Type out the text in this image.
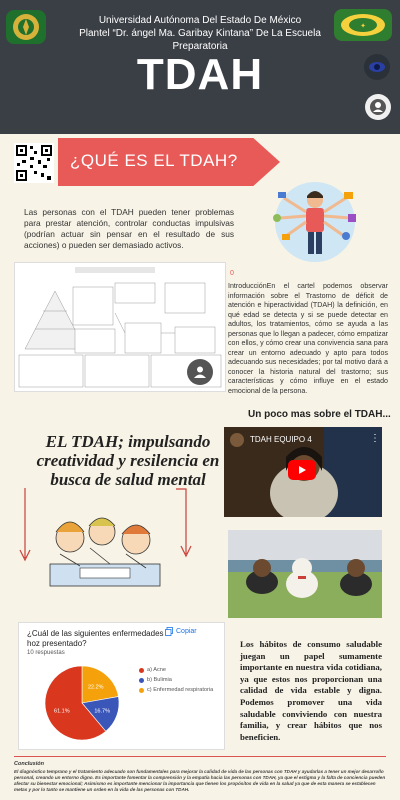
Universidad Autónoma Del Estado De México
Plantel “Dr. ángel Ma. Garibay Kintana” De La Escuela Preparatoria
✦
TDAH
¿QUÉ ES EL TDAH?
Las personas con el TDAH pueden tener problemas para prestar atención, controlar conductas impulsivas (podrían actuar sin pensar en el resultado de sus acciones) o pueden ser demasiado activos.
0
IntroducciónEn el cartel podemos observar información sobre el Trastorno de déficit de atención e hiperactividad (TDAH) la definición, en qué edad se detecta y si se puede detectar en adultos, los tratamientos, cómo se ayuda a las personas que lo llegan a padecer, cómo empatizar con ellos, y cómo crear una convivencia sana para crear un entorno adecuado y apto para todos adecuando sus necesidades; por tal motivo dará a conocer la historia natural del trastorno; sus características y cómo influye en el estado emocional de la persona.
Un poco mas sobre el TDAH...
TDAH EQUIPO 4	⋮
EL TDAH; impulsando creatividad y resilencia en busca de salud mental
¿Cuál de las siguientes enfermedades hoz presentado?
Copiar
10 respuestas
22.2%
16.7%
61.1%
a) Acne
b) Bulimia
c) Enfermedad respiratoria
Los hábitos de consumo saludable juegan un papel sumamente importante en nuestra vida cotidiana, ya que estos nos proporcionan una calidad de vida estable y digna. Podemos promover una vida saludable conviviendo con nuestra familia, y crear hábitos que nos beneficien.
Conclusión
El diagnóstico temprano y el tratamiento adecuado son fundamentales para mejorar la calidad de vida de las personas con TDAH y ayudarlas a tener un mejor desarrollo personal, creando un entorno digno. Es importante fomentar la comprensión y la empatía hacia las personas con TDAH, ya que el estigma y la falta de conciencia pueden afectar su bienestar emocional; Asimismo es importante mencionar la importancia que tienen los propósitos de vida en la salud ya que de esta manera se establecen metas y por lo tanto se mantiene un orden en la vida de las personas con TDAH.
